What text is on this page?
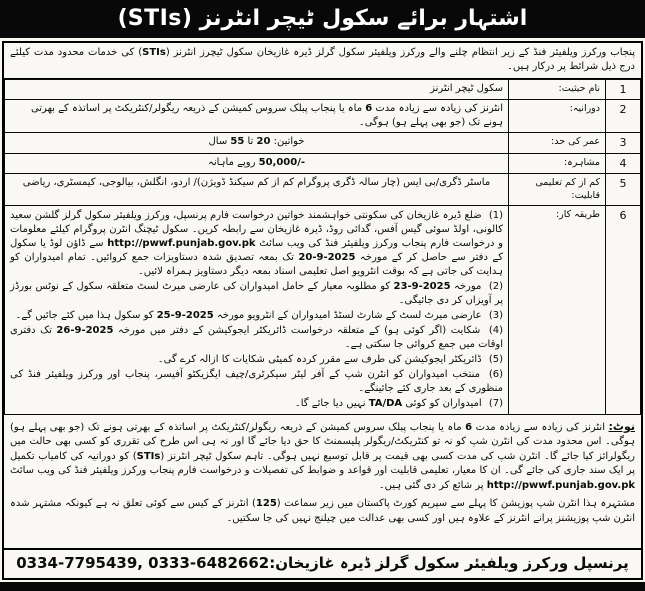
اشتہار برائے سکول ٹیچر انٹرنز (STIs)

پنجاب ورکرز ویلفیئر فنڈ کے زیر انتظام چلنے والے ورکرز ویلفیئر سکول گرلز ڈیرہ غازیخان سکول ٹیچرز انٹرنز (STIs) کی خدمات محدود مدت کیلئے درج ذیل شرائط پر درکار ہیں۔

1	نام حیثیت:	سکول ٹیچر انٹرنز
2	دورانیہ:	انٹرنز کی زیادہ سے زیادہ مدت 6 ماہ یا پنجاب پبلک سروس کمیشن کے ذریعہ ریگولر/کنٹریکٹ پر اساتذہ کے بھرتی ہونے تک (جو بھی پہلے ہو) ہوگی۔
3	عمر کی حد:	خواتین: 20 تا 55 سال
4	مشاہرہ:	50,000/- روپے ماہانہ
5	کم از کم تعلیمی قابلیت:	ماسٹر ڈگری/بی ایس (چار سالہ ڈگری پروگرام کم از کم سیکنڈ ڈویژن)/ اردو، انگلش، بیالوجی، کیمسٹری، ریاضی
6	طریقہ کار:	
(1) ضلع ڈیرہ غازیخان کی سکونتی خواہشمند خواتین درخواست فارم پرنسپل، ورکرز ویلفیئر سکول گرلز گلشن سعید کالونی، اولڈ سوئی گیس آفس، گدائی روڈ، ڈیرہ غازیخان سے رابطہ کریں۔ سکول ٹیچنگ انٹرن پروگرام کیلئے معلومات و درخواست فارم پنجاب ورکرز ویلفیئر فنڈ کی ویب سائٹ http://pwwf.punjab.gov.pk سے ڈاؤن لوڈ یا سکول کے دفتر سے حاصل کر کے مورخہ 20-9-2025 تک بمعہ تصدیق شدہ دستاویزات جمع کروائیں۔ تمام امیدواران کو ہدایت کی جاتی ہے کہ بوقت انٹرویو اصل تعلیمی اسناد بمعہ دیگر دستاویز ہمراہ لائیں۔
(2) مورخہ 23-9-2025 کو مطلوبہ معیار کے حامل امیدواران کی عارضی میرٹ لسٹ متعلقہ سکول کے نوٹس بورڈز پر آویزاں کر دی جائیگی۔
(3) عارضی میرٹ لسٹ کے شارٹ لسٹڈ امیدواران کے انٹرویو مورخہ 25-9-2025 کو سکول ہذا میں کئے جائیں گے۔
(4) شکایت (اگر کوئی ہو) کے متعلقہ درخواست ڈائریکٹر ایجوکیشن کے دفتر میں مورخہ 26-9-2025 تک دفتری اوقات میں جمع کروائی جا سکتی ہے۔
(5) ڈائریکٹر ایجوکیشن کی طرف سے مقرر کردہ کمیٹی شکایات کا ازالہ کرے گی۔
(6) منتخب امیدواران کو انٹرن شپ کے آفر لیٹر سیکرٹری/چیف ایگزیکٹو آفیسر، پنجاب اور ورکرز ویلفیئر فنڈ کی منظوری کے بعد جاری کئے جائینگے۔
(7) امیدواران کو کوئی TA/DA نہیں دیا جائے گا۔

نوٹ: انٹرنز کی زیادہ سے زیادہ مدت 6 ماہ یا پنجاب پبلک سروس کمیشن کے ذریعہ ریگولر/کنٹریکٹ پر اساتذہ کے بھرتی ہونے تک (جو بھی پہلے ہو) ہوگی۔ اس محدود مدت کی انٹرن شپ کو نہ تو کنٹریکٹ/ریگولر پلیسمنٹ کا حق دیا جائے گا اور نہ ہی اس طرح کی تقرری کو کسی بھی حالت میں ریگولرائز کیا جائے گا۔ انٹرن شپ کی مدت کسی بھی قیمت پر قابل توسیع نہیں ہوگی۔ تاہم سکول ٹیچر انٹرنز (STIs) کو دورانیہ کی کامیاب تکمیل پر ایک سند جاری کی جائے گی۔ ان کا معیار، تعلیمی قابلیت اور قواعد و ضوابط کی تفصیلات و درخواست فارم پنجاب ورکرز ویلفیئر فنڈ کی ویب سائٹ http://pwwf.punjab.gov.pk پر شائع کر دی گئی ہیں۔

مشتہرہ ہذا انٹرن شپ پوزیشن کا پہلے سے سپریم کورٹ پاکستان میں زیر سماعت (125) انٹرنز کے کیس سے کوئی تعلق نہ ہے کیونکہ مشتہر شدہ انٹرن شپ پوزیشنز پرانے انٹرنز کے علاوہ ہیں اور کسی بھی عدالت میں چیلنج نہیں کی جا سکتیں۔

پرنسپل ورکرز ویلفیئر سکول گرلز ڈیرہ غازیخان:0334-7795439, 0333-6482662
